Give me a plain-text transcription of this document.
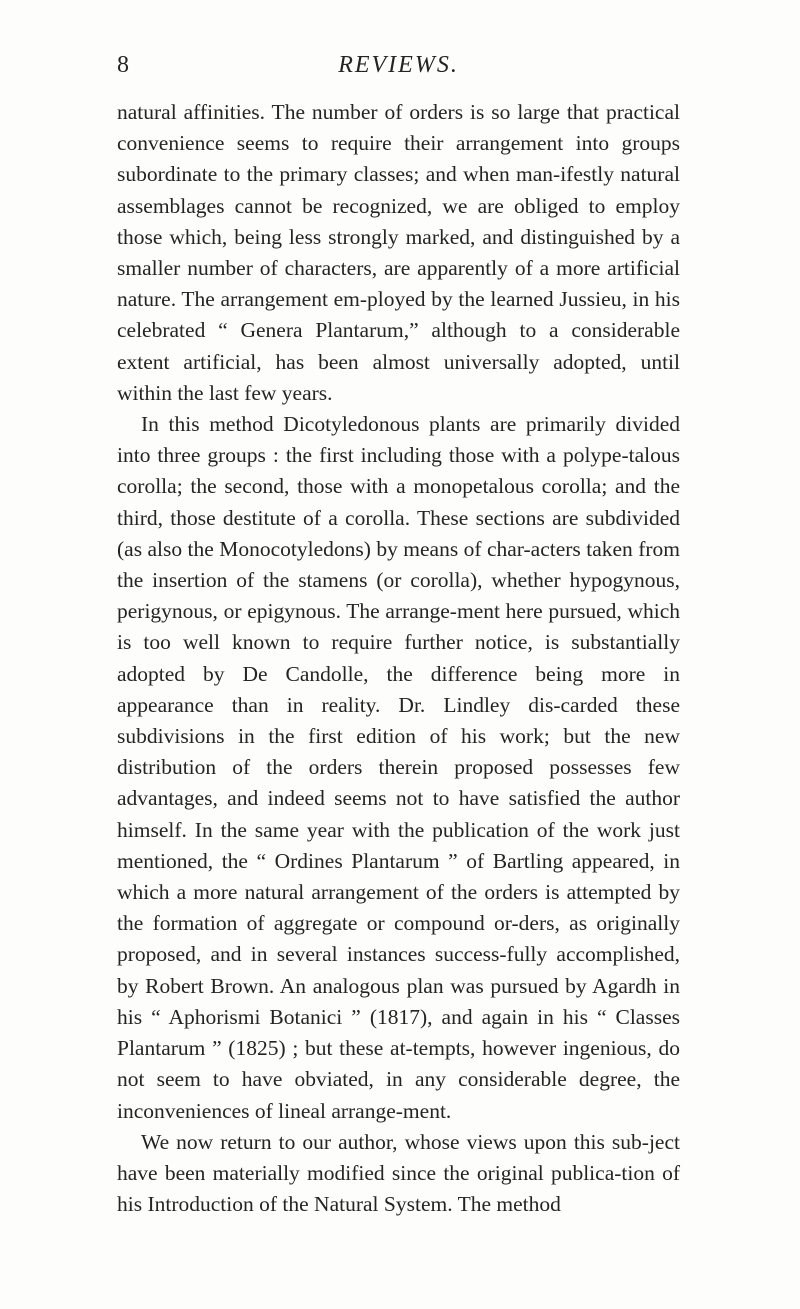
8	REVIEWS.

natural affinities. The number of orders is so large that practical convenience seems to require their arrangement into groups subordinate to the primary classes; and when man-ifestly natural assemblages cannot be recognized, we are obliged to employ those which, being less strongly marked, and distinguished by a smaller number of characters, are apparently of a more artificial nature. The arrangement em-ployed by the learned Jussieu, in his celebrated “ Genera Plantarum,” although to a considerable extent artificial, has been almost universally adopted, until within the last few years.

In this method Dicotyledonous plants are primarily divided into three groups : the first including those with a polype-talous corolla; the second, those with a monopetalous corolla; and the third, those destitute of a corolla. These sections are subdivided (as also the Monocotyledons) by means of char-acters taken from the insertion of the stamens (or corolla), whether hypogynous, perigynous, or epigynous. The arrange-ment here pursued, which is too well known to require further notice, is substantially adopted by De Candolle, the difference being more in appearance than in reality. Dr. Lindley dis-carded these subdivisions in the first edition of his work; but the new distribution of the orders therein proposed possesses few advantages, and indeed seems not to have satisfied the author himself. In the same year with the publication of the work just mentioned, the “ Ordines Plantarum ” of Bartling appeared, in which a more natural arrangement of the orders is attempted by the formation of aggregate or compound or-ders, as originally proposed, and in several instances success-fully accomplished, by Robert Brown. An analogous plan was pursued by Agardh in his “ Aphorismi Botanici ” (1817), and again in his “ Classes Plantarum ” (1825) ; but these at-tempts, however ingenious, do not seem to have obviated, in any considerable degree, the inconveniences of lineal arrange-ment.

We now return to our author, whose views upon this sub-ject have been materially modified since the original publica-tion of his Introduction of the Natural System. The method
